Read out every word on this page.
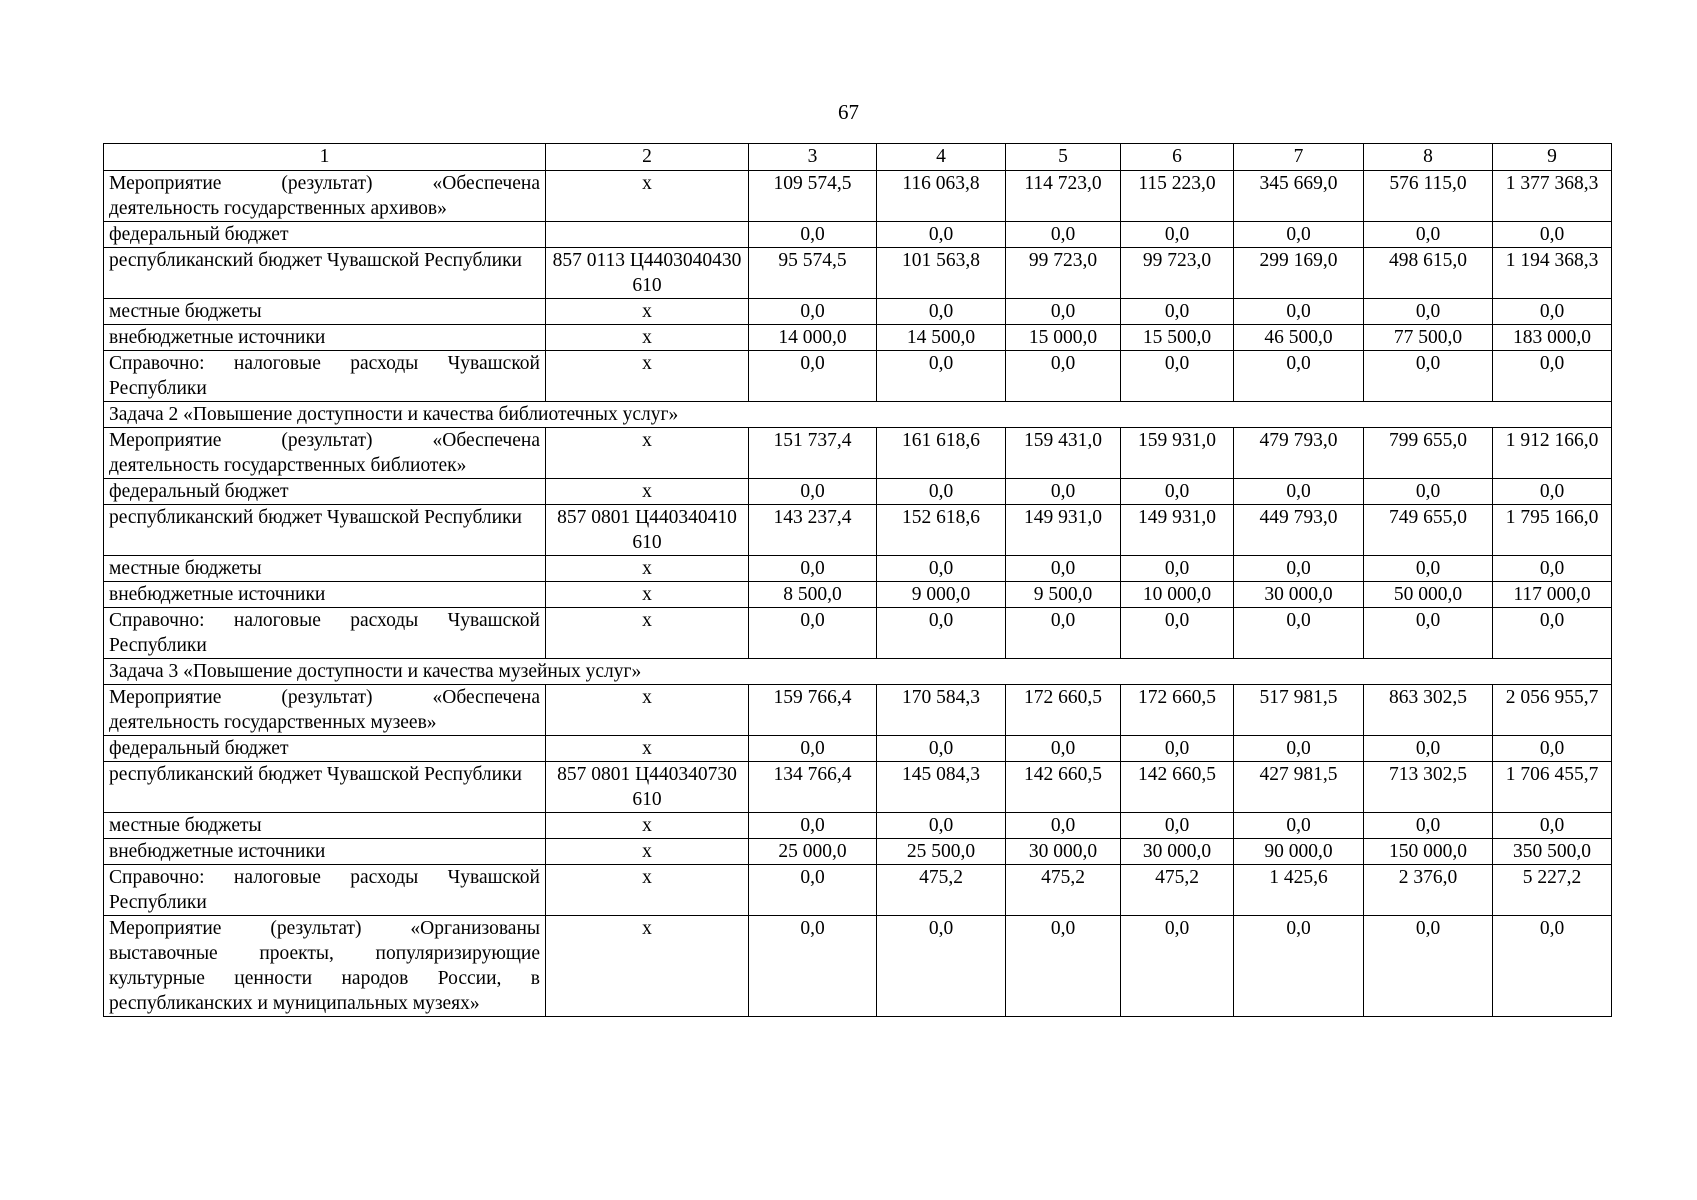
67
1	2	3	4	5	6	7	8	9
Мероприятие (результат) «Обеспечена деятельность государственных архивов»	x	109 574,5	116 063,8	114 723,0	115 223,0	345 669,0	576 115,0	1 377 368,3
федеральный бюджет		0,0	0,0	0,0	0,0	0,0	0,0	0,0
республиканский бюджет Чувашской Республики	857 0113 Ц4403040430 610	95 574,5	101 563,8	99 723,0	99 723,0	299 169,0	498 615,0	1 194 368,3
местные бюджеты	x	0,0	0,0	0,0	0,0	0,0	0,0	0,0
внебюджетные источники	x	14 000,0	14 500,0	15 000,0	15 500,0	46 500,0	77 500,0	183 000,0
Справочно: налоговые расходы Чувашской Республики	x	0,0	0,0	0,0	0,0	0,0	0,0	0,0
Задача 2 «Повышение доступности и качества библиотечных услуг»								
Мероприятие (результат) «Обеспечена деятельность государственных библиотек»	x	151 737,4	161 618,6	159 431,0	159 931,0	479 793,0	799 655,0	1 912 166,0
федеральный бюджет	x	0,0	0,0	0,0	0,0	0,0	0,0	0,0
республиканский бюджет Чувашской Республики	857 0801 Ц440340410 610	143 237,4	152 618,6	149 931,0	149 931,0	449 793,0	749 655,0	1 795 166,0
местные бюджеты	x	0,0	0,0	0,0	0,0	0,0	0,0	0,0
внебюджетные источники	x	8 500,0	9 000,0	9 500,0	10 000,0	30 000,0	50 000,0	117 000,0
Справочно: налоговые расходы Чувашской Республики	x	0,0	0,0	0,0	0,0	0,0	0,0	0,0
Задача 3 «Повышение доступности и качества музейных услуг»								
Мероприятие (результат) «Обеспечена деятельность государственных музеев»	x	159 766,4	170 584,3	172 660,5	172 660,5	517 981,5	863 302,5	2 056 955,7
федеральный бюджет	x	0,0	0,0	0,0	0,0	0,0	0,0	0,0
республиканский бюджет Чувашской Республики	857 0801 Ц440340730 610	134 766,4	145 084,3	142 660,5	142 660,5	427 981,5	713 302,5	1 706 455,7
местные бюджеты	x	0,0	0,0	0,0	0,0	0,0	0,0	0,0
внебюджетные источники	x	25 000,0	25 500,0	30 000,0	30 000,0	90 000,0	150 000,0	350 500,0
Справочно: налоговые расходы Чувашской Республики	x	0,0	475,2	475,2	475,2	1 425,6	2 376,0	5 227,2
Мероприятие (результат) «Организованы выставочные проекты, популяризирующие культурные ценности народов России, в республиканских и муниципальных музеях»	x	0,0	0,0	0,0	0,0	0,0	0,0	0,0
